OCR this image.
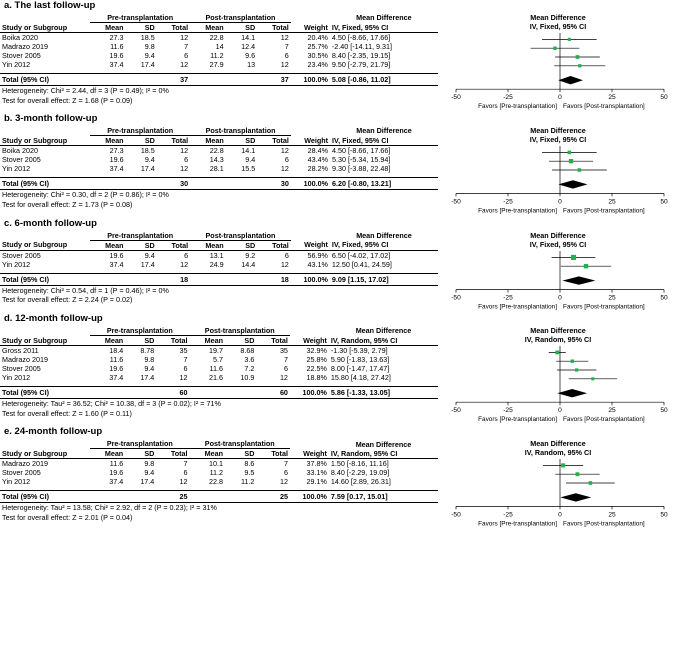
a. The last follow-up
	Pre-transplantation			Post-transplantation				Mean Difference
Study or Subgroup	Mean	SD	Total	Mean	SD	Total	Weight	IV, Fixed, 95% CI
Boika 2020	27.3	18.5	12	22.8	14.1	12	20.4%	4.50 [-8.66, 17.66]
Madrazo 2019	11.6	9.8	7	14	12.4	7	25.7%	-2.40 [-14.11, 9.31]
Stover 2005	19.6	9.4	6	11.2	9.6	6	30.5%	8.40 [-2.35, 19.15]
Yin 2012	37.4	17.4	12	27.9	13	12	23.4%	9.50 [-2.79, 21.79]

Total (95% CI)			37			37	100.0%	5.08 [-0.86, 11.02]
Heterogeneity: Chi² = 2.44, df = 3 (P = 0.49); I² = 0%
Test for overall effect: Z = 1.68 (P = 0.09)
Mean Difference
IV, Fixed, 95% CI
-50	-25	0	25	50
Favors [Pre-transplantation] Favors [Post-transplantation]
b. 3-month follow-up
	Pre-transplantation			Post-transplantation				Mean Difference
Study or Subgroup	Mean	SD	Total	Mean	SD	Total	Weight	IV, Fixed, 95% CI
Boika 2020	27.3	18.5	12	22.8	14.1	12	28.4%	4.50 [-8.66, 17.66]
Stover 2005	19.6	9.4	6	14.3	9.4	6	43.4%	5.30 [-5.34, 15.94]
Yin 2012	37.4	17.4	12	28.1	15.5	12	28.2%	9.30 [-3.88, 22.48]

Total (95% CI)			30			30	100.0%	6.20 [-0.80, 13.21]
Heterogeneity: Chi² = 0.30, df = 2 (P = 0.86); I² = 0%
Test for overall effect: Z = 1.73 (P = 0.08)
Mean Difference
IV, Fixed, 95% CI
-50	-25	0	25	50
Favors [Pre-transplantation] Favors [Post-transplantation]
c. 6-month follow-up
	Pre-transplantation			Post-transplantation				Mean Difference
Study or Subgroup	Mean	SD	Total	Mean	SD	Total	Weight	IV, Fixed, 95% CI
Stover 2005	19.6	9.4	6	13.1	9.2	6	56.9%	6.50 [-4.02, 17.02]
Yin 2012	37.4	17.4	12	24.9	14.4	12	43.1%	12.50 [0.41, 24.59]

Total (95% CI)			18			18	100.0%	9.09 [1.15, 17.02]
Heterogeneity: Chi² = 0.54, df = 1 (P = 0.46); I² = 0%
Test for overall effect: Z = 2.24 (P = 0.02)
Mean Difference
IV, Fixed, 95% CI
-50	-25	0	25	50
Favors [Pre-transplantation] Favors [Post-transplantation]
d. 12-month follow-up
	Pre-transplantation			Post-transplantation				Mean Difference
Study or Subgroup	Mean	SD	Total	Mean	SD	Total	Weight	IV, Random, 95% CI
Gross 2011	18.4	8.78	35	19.7	8.68	35	32.9%	-1.30 [-5.39, 2.79]
Madrazo 2019	11.6	9.8	7	5.7	3.6	7	25.8%	5.90 [-1.83, 13.63]
Stover 2005	19.6	9.4	6	11.6	7.2	6	22.5%	8.00 [-1.47, 17.47]
Yin 2012	37.4	17.4	12	21.6	10.9	12	18.8%	15.80 [4.18, 27.42]

Total (95% CI)			60			60	100.0%	5.86 [-1.33, 13.05]
Heterogeneity: Tau² = 36.52; Chi² = 10.38, df = 3 (P = 0.02); I² = 71%
Test for overall effect: Z = 1.60 (P = 0.11)
Mean Difference
IV, Random, 95% CI
-50	-25	0	25	50
Favors [Pre-transplantation] Favors [Post-transplantation]
e. 24-month follow-up
	Pre-transplantation			Post-transplantation				Mean Difference
Study or Subgroup	Mean	SD	Total	Mean	SD	Total	Weight	IV, Random, 95% CI
Madrazo 2019	11.6	9.8	7	10.1	8.6	7	37.8%	1.50 [-8.16, 11.16]
Stover 2005	19.6	9.4	6	11.2	9.5	6	33.1%	8.40 [-2.29, 19.09]
Yin 2012	37.4	17.4	12	22.8	11.2	12	29.1%	14.60 [2.89, 26.31]

Total (95% CI)			25			25	100.0%	7.59 [0.17, 15.01]
Heterogeneity: Tau² = 13.58; Chi² = 2.92, df = 2 (P = 0.23); I² = 31%
Test for overall effect: Z = 2.01 (P = 0.04)
Mean Difference
IV, Random, 95% CI
-50	-25	0	25	50
Favors [Pre-transplantation] Favors [Post-transplantation]
